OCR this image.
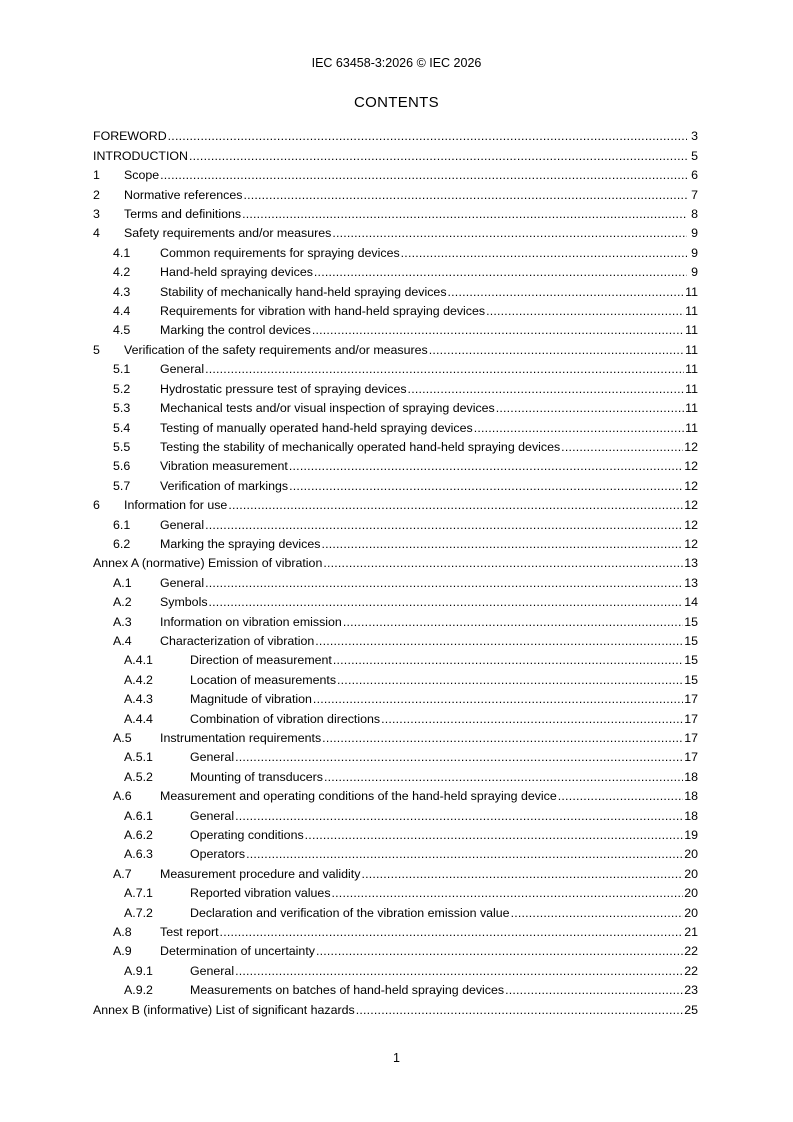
IEC 63458-3:2026 © IEC 2026
CONTENTS
FOREWORD .....	3
INTRODUCTION .....	5
1	Scope .....	6
2	Normative references .....	7
3	Terms and definitions .....	8
4	Safety requirements and/or measures .....	9
4.1	Common requirements for spraying devices .....	9
4.2	Hand-held spraying devices .....	9
4.3	Stability of mechanically hand-held spraying devices .....	11
4.4	Requirements for vibration with hand-held spraying devices .....	11
4.5	Marking the control devices .....	11
5	Verification of the safety requirements and/or measures .....	11
5.1	General .....	11
5.2	Hydrostatic pressure test of spraying devices .....	11
5.3	Mechanical tests and/or visual inspection of spraying devices .....	11
5.4	Testing of manually operated hand-held spraying devices .....	11
5.5	Testing the stability of mechanically operated hand-held spraying devices .....	12
5.6	Vibration measurement .....	12
5.7	Verification of markings .....	12
6	Information for use .....	12
6.1	General .....	12
6.2	Marking the spraying devices .....	12
Annex A (normative) Emission of vibration .....	13
A.1	General .....	13
A.2	Symbols .....	14
A.3	Information on vibration emission .....	15
A.4	Characterization of vibration .....	15
A.4.1	Direction of measurement .....	15
A.4.2	Location of measurements .....	15
A.4.3	Magnitude of vibration .....	17
A.4.4	Combination of vibration directions .....	17
A.5	Instrumentation requirements .....	17
A.5.1	General .....	17
A.5.2	Mounting of transducers .....	18
A.6	Measurement and operating conditions of the hand-held spraying device .....	18
A.6.1	General .....	18
A.6.2	Operating conditions .....	19
A.6.3	Operators .....	20
A.7	Measurement procedure and validity .....	20
A.7.1	Reported vibration values .....	20
A.7.2	Declaration and verification of the vibration emission value .....	20
A.8	Test report .....	21
A.9	Determination of uncertainty .....	22
A.9.1	General .....	22
A.9.2	Measurements on batches of hand-held spraying devices .....	23
Annex B (informative) List of significant hazards .....	25
1
